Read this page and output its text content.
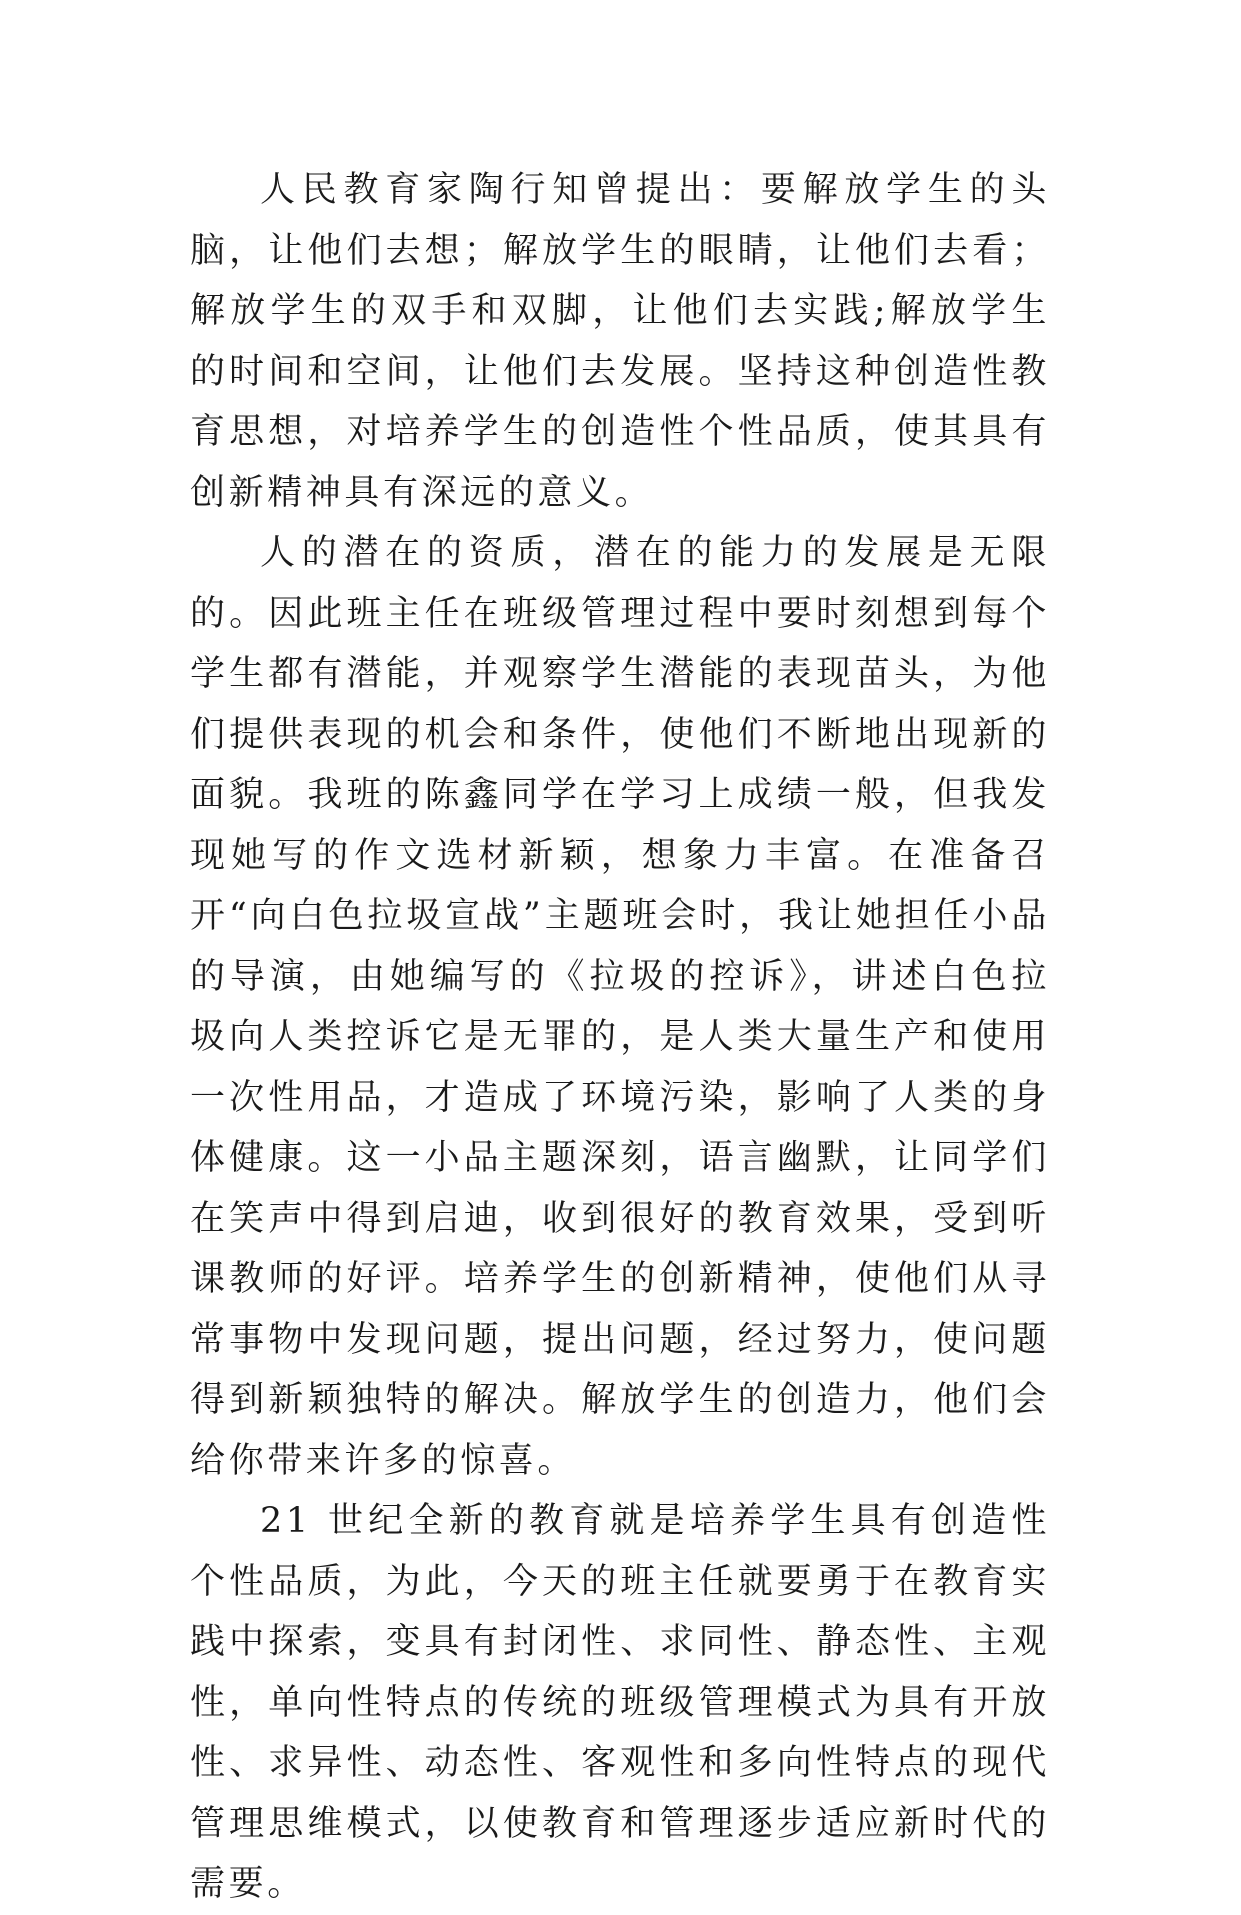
人民教育家陶行知曾提出：要解放学生的头脑，让他们去想；解放学生的眼睛，让他们去看；解放学生的双手和双脚，让他们去实践;解放学生的时间和空间，让他们去发展。坚持这种创造性教育思想，对培养学生的创造性个性品质，使其具有创新精神具有深远的意义。

人的潜在的资质，潜在的能力的发展是无限的。因此班主任在班级管理过程中要时刻想到每个学生都有潜能，并观察学生潜能的表现苗头，为他们提供表现的机会和条件，使他们不断地出现新的面貌。我班的陈鑫同学在学习上成绩一般，但我发现她写的作文选材新颖，想象力丰富。在准备召开“向白色拉圾宣战”主题班会时，我让她担任小品的导演，由她编写的《拉圾的控诉》，讲述白色拉圾向人类控诉它是无罪的，是人类大量生产和使用一次性用品，才造成了环境污染，影响了人类的身体健康。这一小品主题深刻，语言幽默，让同学们在笑声中得到启迪，收到很好的教育效果，受到听课教师的好评。培养学生的创新精神，使他们从寻常事物中发现问题，提出问题，经过努力，使问题得到新颖独特的解决。解放学生的创造力，他们会给你带来许多的惊喜。

21 世纪全新的教育就是培养学生具有创造性个性品质，为此，今天的班主任就要勇于在教育实践中探索，变具有封闭性、求同性、静态性、主观性，单向性特点的传统的班级管理模式为具有开放性、求异性、动态性、客观性和多向性特点的现代管理思维模式，以使教育和管理逐步适应新时代的需要。
